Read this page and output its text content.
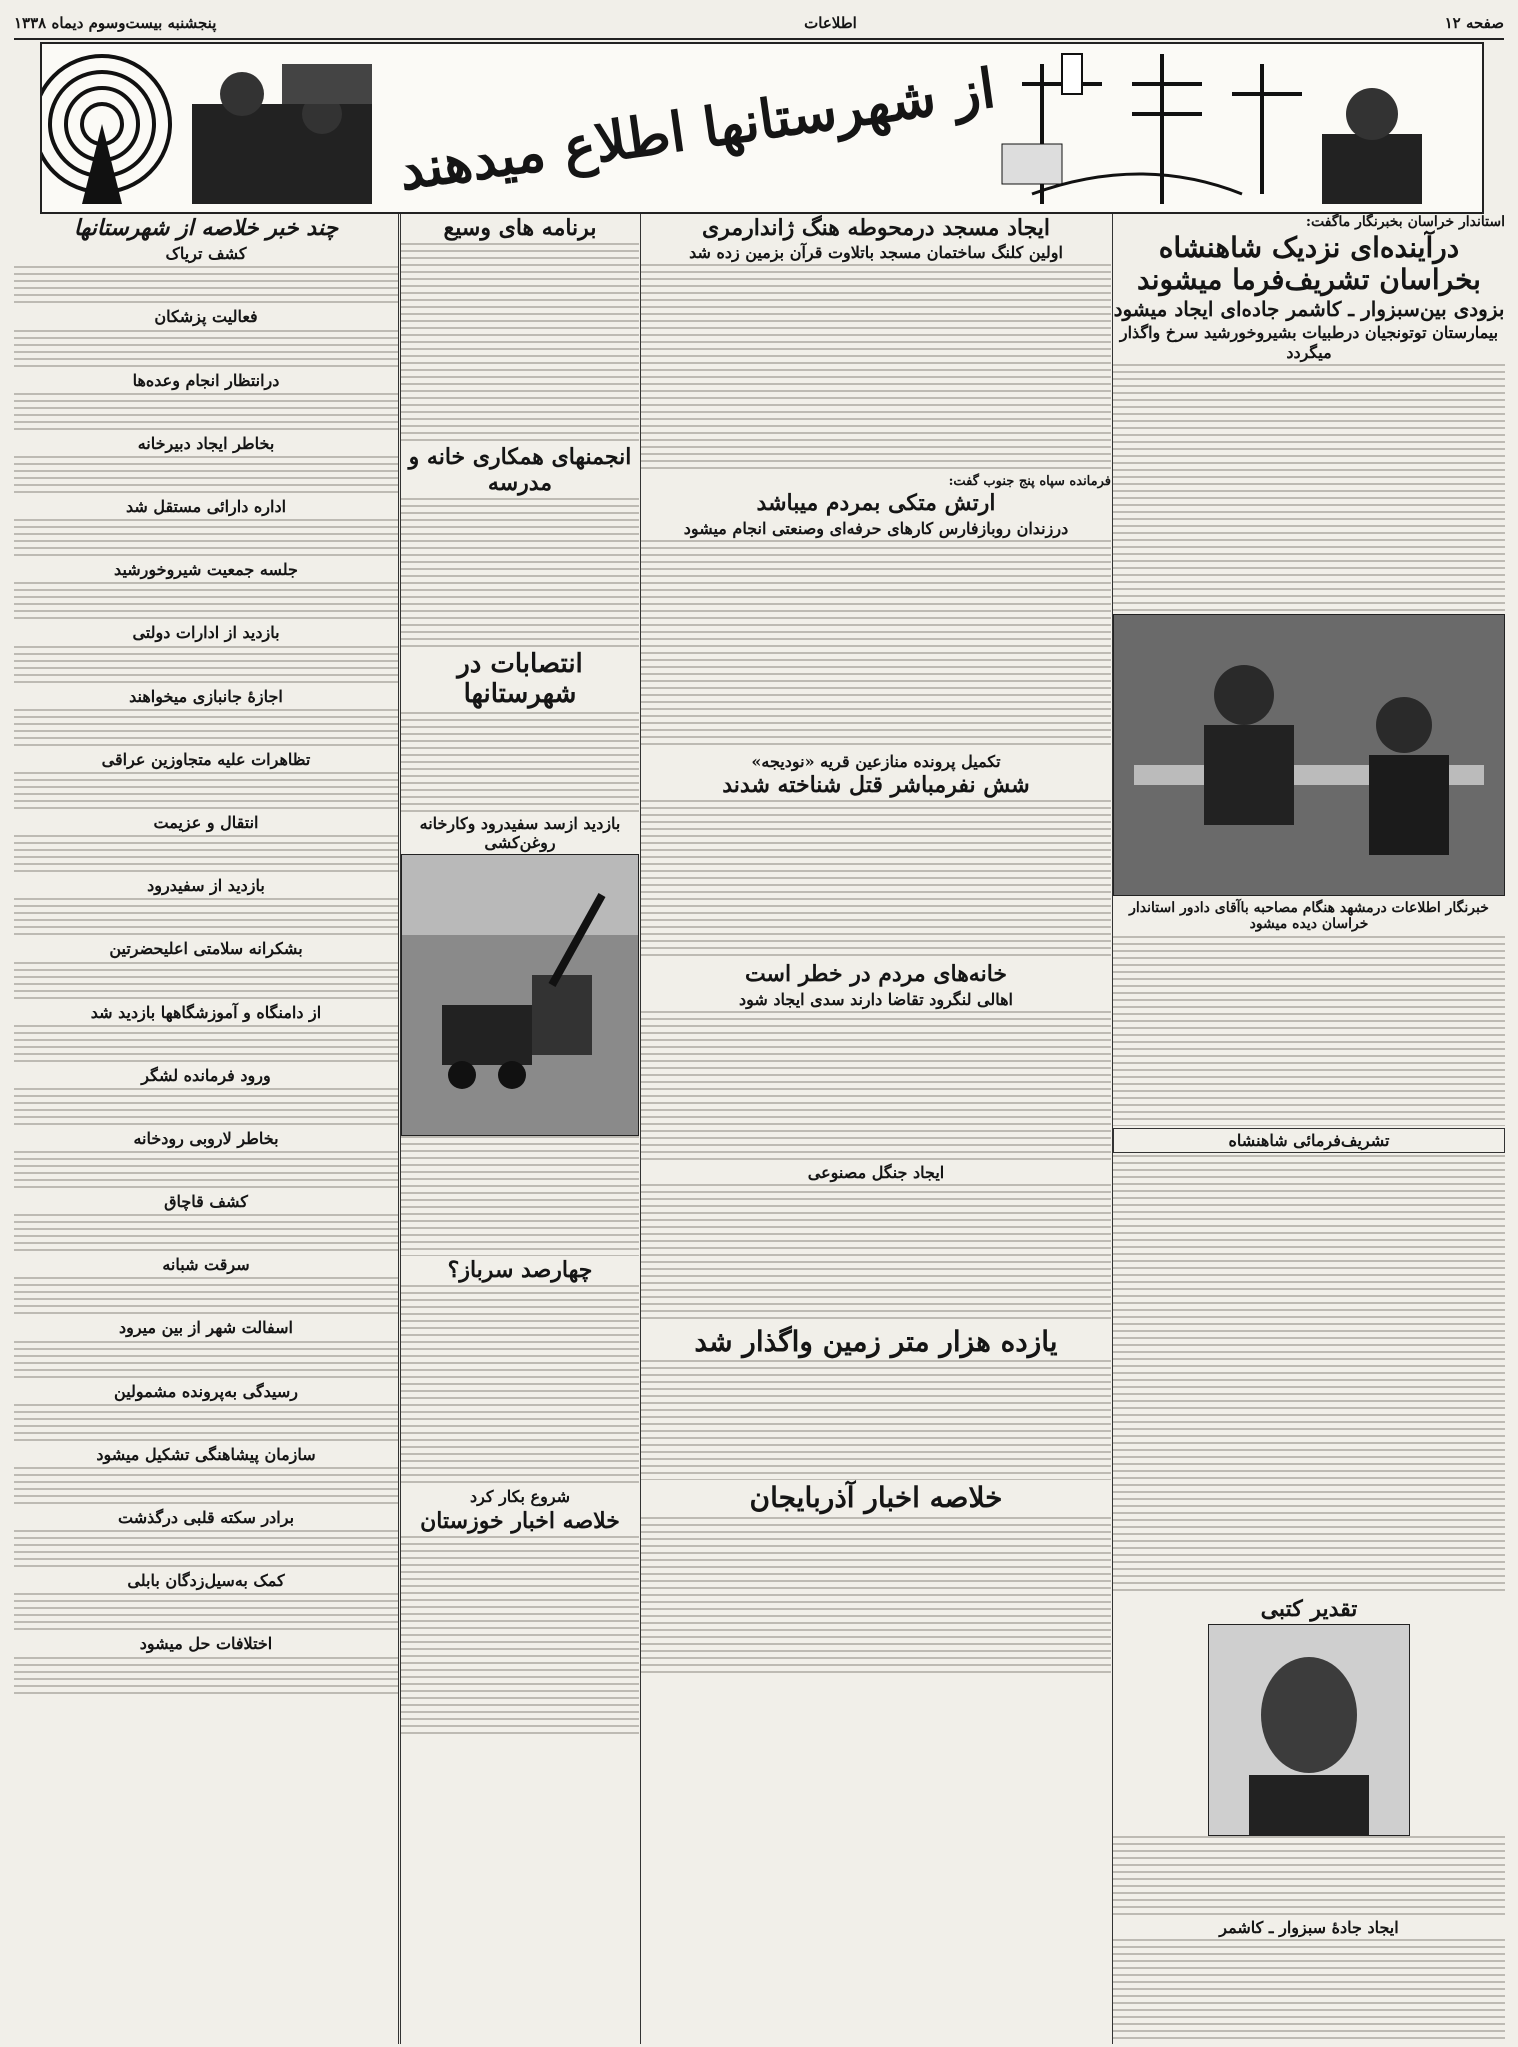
صفحه ۱۲
اطلاعات
پنجشنبه بیست‌وسوم دیماه ۱۳۳۸
از شهرستانها اطلاع میدهند
استاندار خراسان بخبرنگار ماگفت:
درآینده‌ای نزدیک شاهنشاه بخراسان تشریف‌فرما میشوند
بزودی بین‌سبزوار ـ کاشمر جاده‌ای ایجاد میشود
بیمارستان توتونجیان درطبیات بشیروخورشید سرخ واگذار میگردد
خبرنگار اطلاعات درمشهد هنگام مصاحبه باآقای دادور استاندار خراسان دیده میشود
تشریف‌فرمائی شاهنشاه
تقدیر کتبی
ایجاد جادهٔ سبزوار ـ کاشمر
ایجاد مسجد درمحوطه هنگ ژاندارمری
اولین کلنگ ساختمان مسجد باتلاوت قرآن بزمین زده شد
فرمانده سپاه پنج جنوب گفت:
ارتش متکی بمردم میباشد
درزندان روبازفارس کارهای حرفه‌ای وصنعتی انجام میشود
تکمیل پرونده منازعین قریه «نودیجه»
شش نفرمباشر قتل شناخته شدند
خانه‌های مردم در خطر است
اهالی لنگرود تقاضا دارند سدی ایجاد شود
ایجاد جنگل مصنوعی
یازده هزار متر زمین واگذار شد
خلاصه اخبار آذربایجان
برنامه های وسیع
انجمنهای همکاری خانه و مدرسه
انتصابات در شهرستانها
بازدید ازسد سفیدرود وکارخانه روغن‌کشی
چهارصد سرباز؟
شروع بکار کرد
خلاصه اخبار خوزستان
چند خبر خلاصه از شهرستانها
کشف تریاک
فعالیت پزشکان
درانتظار انجام وعده‌ها
بخاطر ایجاد دبیرخانه
اداره دارائی مستقل شد
جلسه جمعیت شیروخورشید
بازدید از ادارات دولتی
اجازهٔ جانبازی میخواهند
تظاهرات علیه متجاوزین عراقی
انتقال و عزیمت
بازدید از سفیدرود
بشکرانه سلامتی اعلیحضرتین
از دامنگاه و آموزشگاهها بازدید شد
ورود فرمانده لشگر
بخاطر لاروبی رودخانه
کشف قاچاق
سرقت شبانه
اسفالت شهر از بین میرود
رسیدگی به‌پرونده مشمولین
سازمان پیشاهنگی تشکیل میشود
برادر سکته قلبی درگذشت
کمک به‌سیل‌زدگان بابلی
اختلافات حل میشود
